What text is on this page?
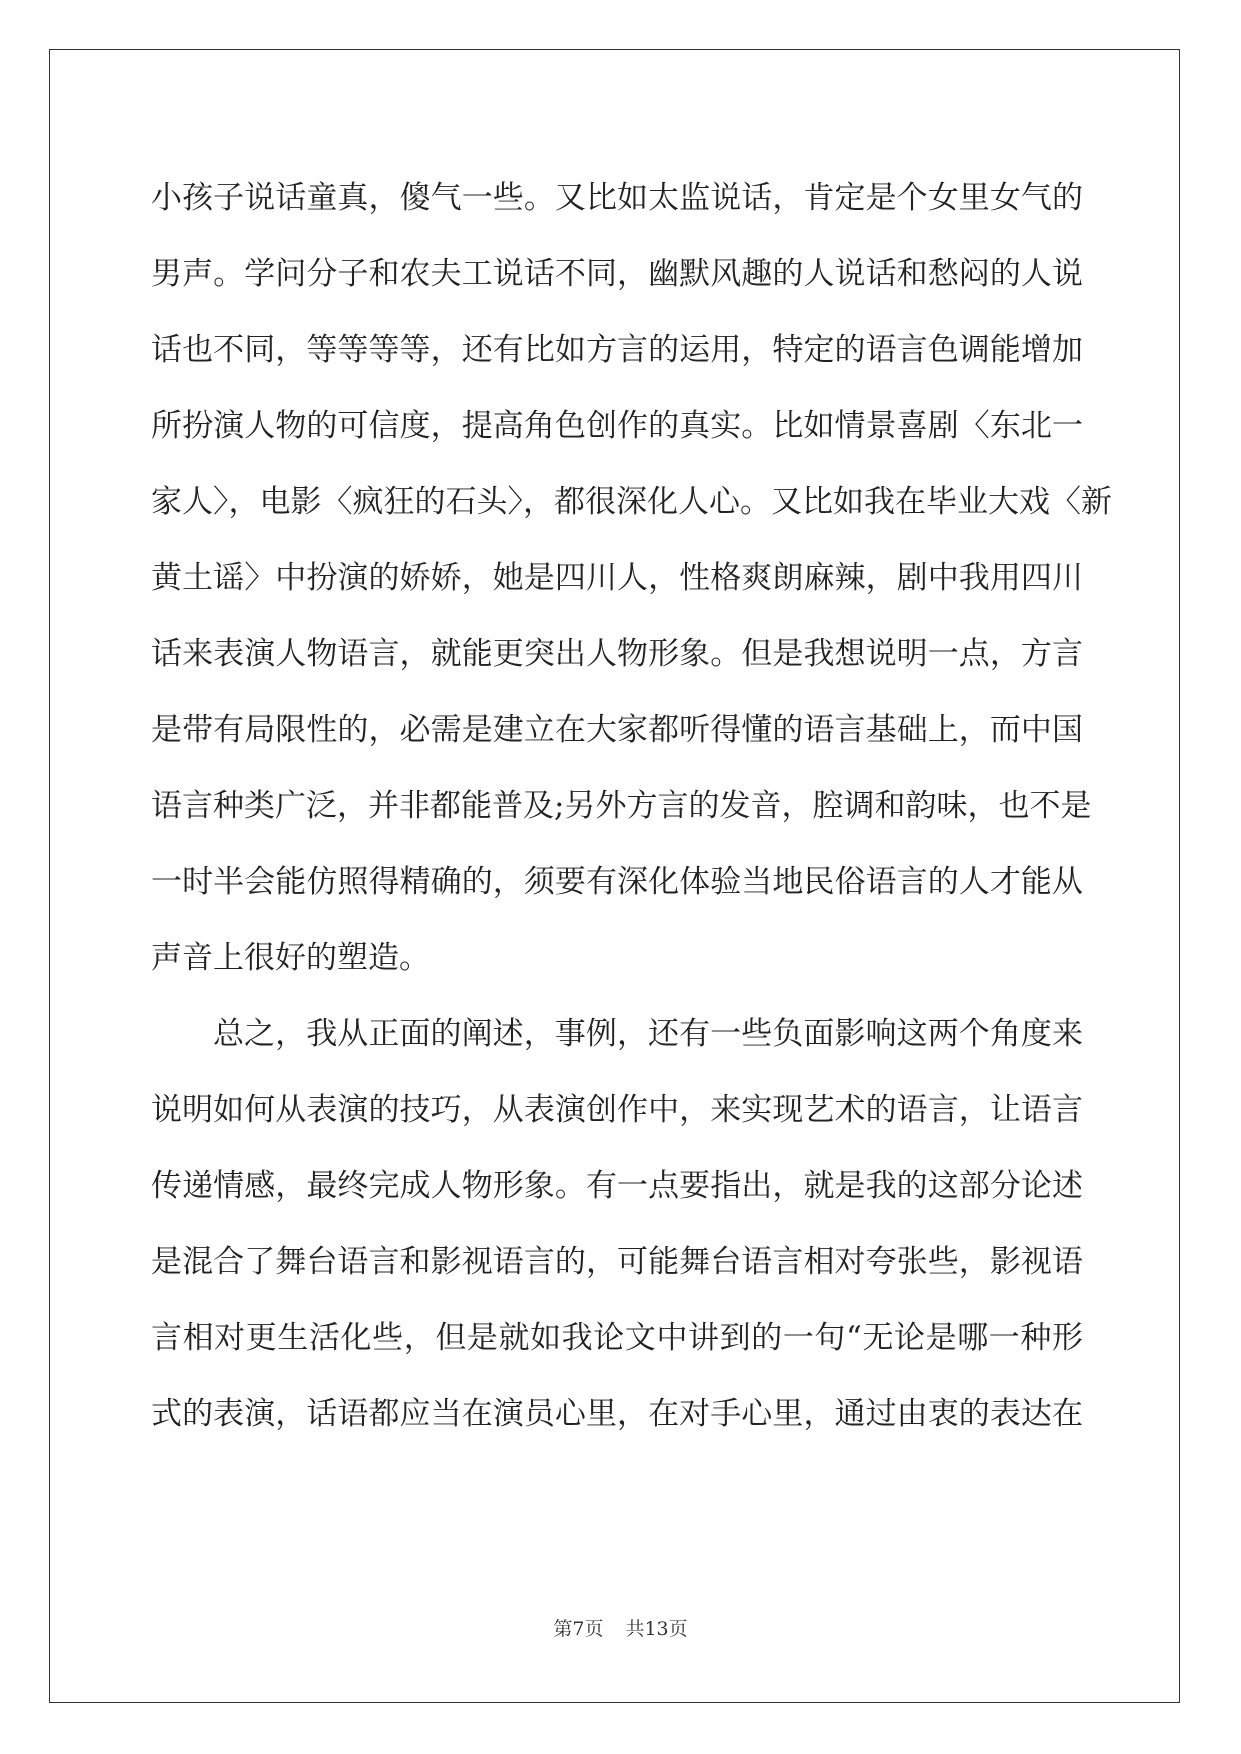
小孩子说话童真，傻气一些。又比如太监说话，肯定是个女里女气的
男声。学问分子和农夫工说话不同，幽默风趣的人说话和愁闷的人说
话也不同，等等等等，还有比如方言的运用，特定的语言色调能增加
所扮演人物的可信度，提高角色创作的真实。比如情景喜剧〈东北一
家人〉，电影〈疯狂的石头〉，都很深化人心。又比如我在毕业大戏〈新
黄土谣〉中扮演的娇娇，她是四川人，性格爽朗麻辣，剧中我用四川
话来表演人物语言，就能更突出人物形象。但是我想说明一点，方言
是带有局限性的，必需是建立在大家都听得懂的语言基础上，而中国
语言种类广泛，并非都能普及;另外方言的发音，腔调和韵味，也不是
一时半会能仿照得精确的，须要有深化体验当地民俗语言的人才能从
声音上很好的塑造。
总之，我从正面的阐述，事例，还有一些负面影响这两个角度来
说明如何从表演的技巧，从表演创作中，来实现艺术的语言，让语言
传递情感，最终完成人物形象。有一点要指出，就是我的这部分论述
是混合了舞台语言和影视语言的，可能舞台语言相对夸张些，影视语
言相对更生活化些，但是就如我论文中讲到的一句“无论是哪一种形
式的表演，话语都应当在演员心里，在对手心里，通过由衷的表达在
第7页 共13页
